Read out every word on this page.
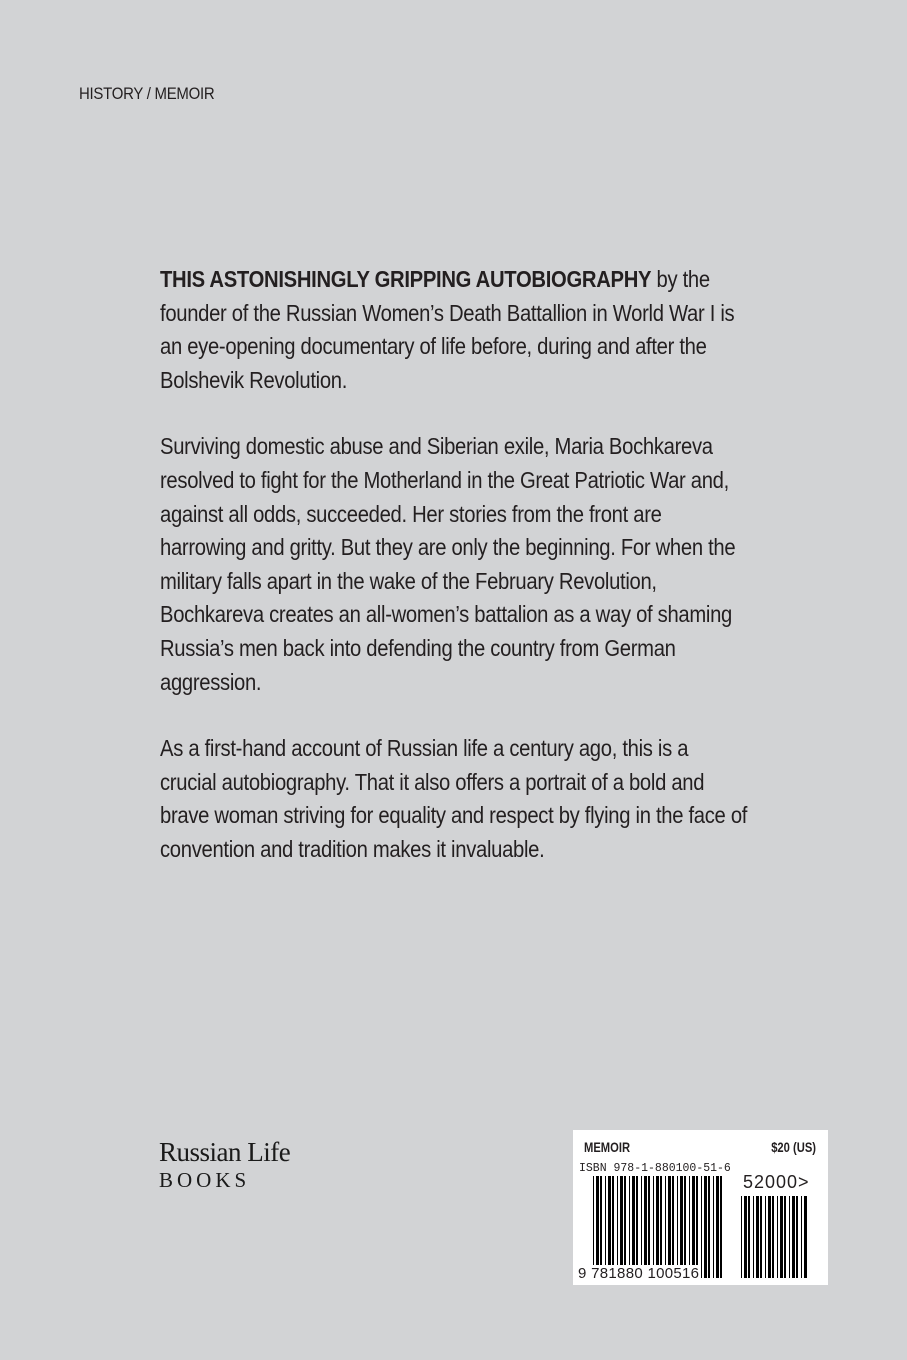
HISTORY / MEMOIR

THIS ASTONISHINGLY GRIPPING AUTOBIOGRAPHY by the founder of the Russian Women’s Death Battallion in World War I is an eye-opening documentary of life before, during and after the Bolshevik Revolution.

Surviving domestic abuse and Siberian exile, Maria Bochkareva resolved to fight for the Motherland in the Great Patriotic War and, against all odds, succeeded. Her stories from the front are harrowing and gritty. But they are only the beginning. For when the military falls apart in the wake of the February Revolution, Bochkareva creates an all-women’s battalion as a way of shaming Russia’s men back into defending the country from German aggression.

As a first-hand account of Russian life a century ago, this is a crucial autobiography. That it also offers a portrait of a bold and brave woman striving for equality and respect by flying in the face of convention and tradition makes it invaluable.

Russian Life
BOOKS
MEMOIR	$20 (US)
ISBN 978-1-880100-51-6
52000>
9 781880 100516
